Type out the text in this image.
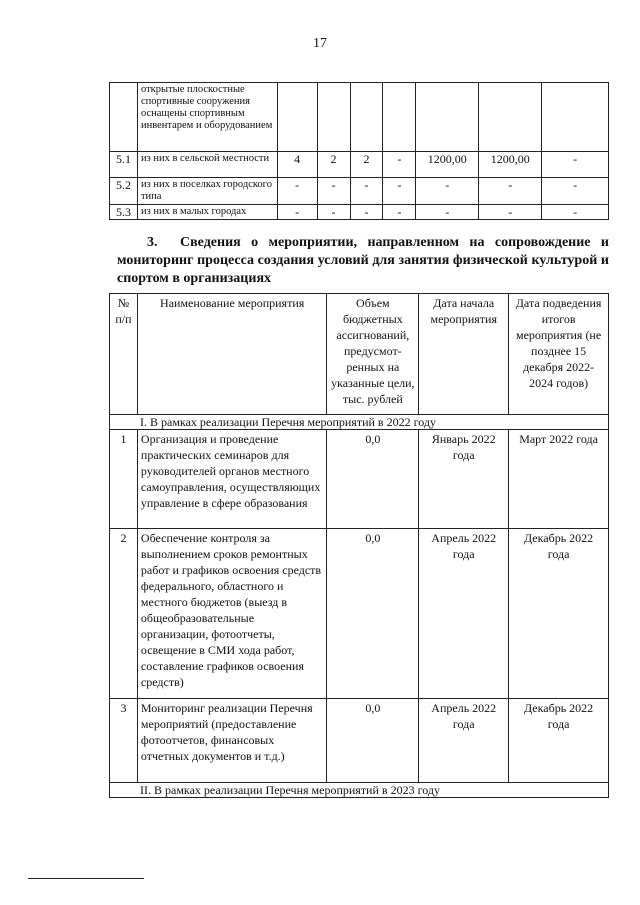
17
	открытые плоскостные спортивные сооружения оснащены спортивным инвентарем и оборудованием							
5.1	из них в сельской местности	4	2	2	-	1200,00	1200,00	-
5.2	из них в поселках городского типа	-	-	-	-	-	-	-
5.3	из них в малых городах	-	-	-	-	-	-	-
3. Сведения о мероприятии, направленном на сопровождение и мониторинг процесса создания условий для занятия физической культурой и спортом в организациях
№ п/п	Наименование мероприятия	Объем бюджетных ассигнований, предусмот-ренных на указанные цели, тыс. рублей	Дата начала мероприятия	Дата подведения итогов мероприятия (не позднее 15 декабря 2022-2024 годов)
I. В рамках реализации Перечня мероприятий в 2022 году				
1	Организация и проведение практических семинаров для руководителей органов местного самоуправления, осуществляющих управление в сфере образования	0,0	Январь 2022 года	Март 2022 года
2	Обеспечение контроля за выполнением сроков ремонтных работ и графиков освоения средств федерального, областного и местного бюджетов (выезд в общеобразовательные организации, фотоотчеты, освещение в СМИ хода работ, составление графиков освоения средств)	0,0	Апрель 2022 года	Декабрь 2022 года
3	Мониторинг реализации Перечня мероприятий (предоставление фотоотчетов, финансовых отчетных документов и т.д.)	0,0	Апрель 2022 года	Декабрь 2022 года
II. В рамках реализации Перечня мероприятий в 2023 году				
